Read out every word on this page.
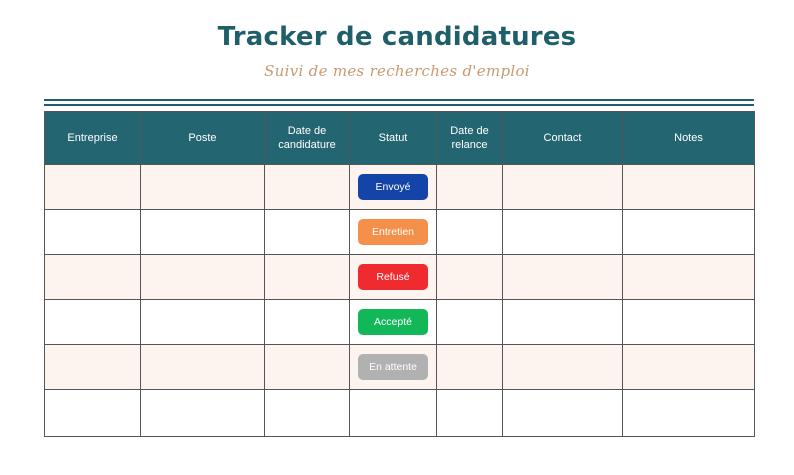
Tracker de candidatures
Suivi de mes recherches d'emploi
Entreprise	Poste	Date de candidature	Statut	Date de relance	Contact	Notes
			Envoyé			
			Entretien			
			Refusé			
			Accepté			
			En attente			
